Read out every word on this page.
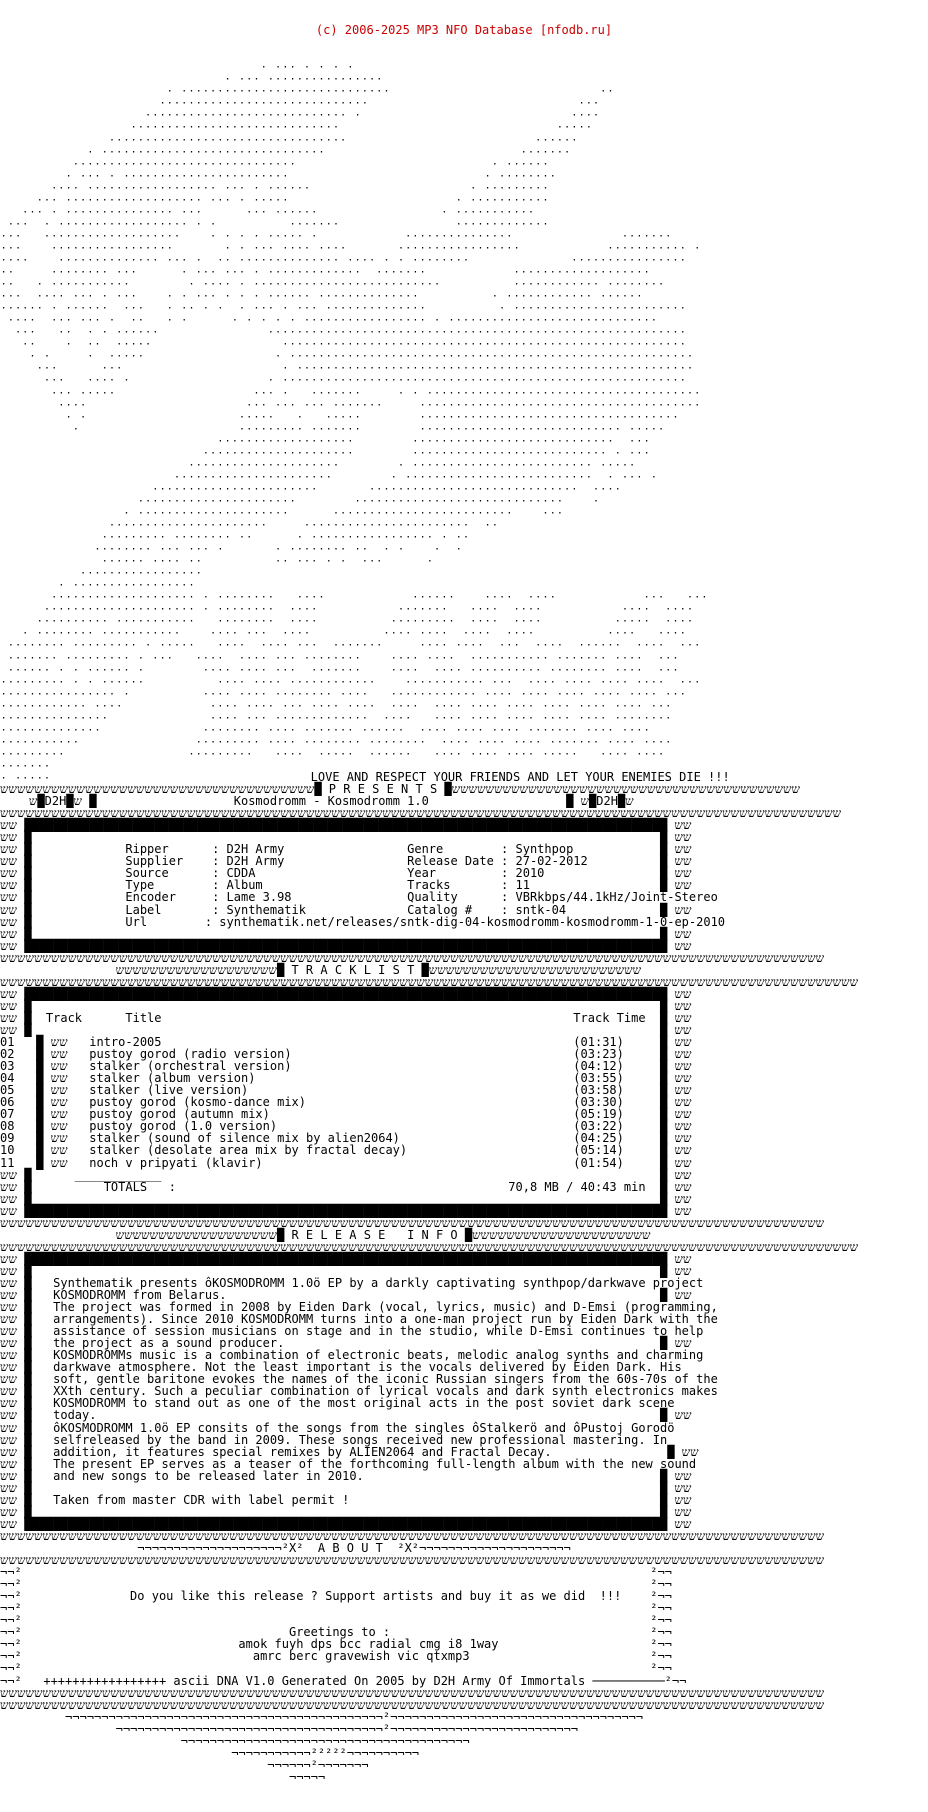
(c) 2006-2025 MP3 NFO Database [nfodb.ru]

۰ ۰۰۰ ۰ ۰ ۰ ۰
۰ ۰۰۰ ۰۰۰۰۰۰۰۰۰۰۰۰۰۰۰۰
۰ ۰۰۰۰۰۰۰۰۰۰۰۰۰۰۰۰۰۰۰۰۰۰۰۰۰۰۰۰۰                             ۰۰
۰۰۰۰۰۰۰۰۰۰۰۰۰۰۰۰۰۰۰۰۰۰۰۰۰۰۰۰۰                             ۰۰۰
۰۰۰۰۰۰۰۰۰۰۰۰۰۰۰۰۰۰۰۰۰۰۰۰۰۰۰۰ ۰                             ۰۰۰۰
۰۰۰۰۰۰۰۰۰۰۰۰۰۰۰۰۰۰۰۰۰۰۰۰۰۰۰۰۰                              ۰۰۰۰۰
۰۰۰۰۰۰۰۰۰۰۰۰۰۰۰۰۰۰۰۰۰۰۰۰۰۰۰۰۰۰۰۰۰                          ۰۰۰۰۰۰
۰ ۰۰۰۰۰۰۰۰۰۰۰۰۰۰۰۰۰۰۰۰۰۰۰۰۰۰۰۰۰۰۰                           ۰۰۰۰۰۰۰
۰۰۰۰۰۰۰۰۰۰۰۰۰۰۰۰۰۰۰۰۰۰۰۰۰۰۰۰۰۰۰                           ۰ ۰۰۰۰۰۰
۰ ۰۰۰ ۰ ۰۰۰۰۰۰۰۰۰۰۰۰۰۰۰۰۰۰۰۰۰۰۰                           ۰ ۰۰۰۰۰۰۰۰
۰۰۰۰ ۰۰۰۰۰۰۰۰۰۰۰۰۰۰۰۰۰۰ ۰۰۰ ۰ ۰۰۰۰۰۰                      ۰ ۰۰۰۰۰۰۰۰۰
۰۰۰ ۰۰۰۰۰۰۰۰۰۰۰۰۰۰۰۰۰۰۰ ۰۰۰ ۰ ۰۰۰۰۰                       ۰ ۰۰۰۰۰۰۰۰۰۰۰
۰۰۰ ۰ ۰۰۰۰۰۰۰۰۰۰۰۰۰۰۰ ۰۰۰      ۰۰۰ ۰۰۰۰۰۰                 ۰ ۰۰۰۰۰۰۰۰۰۰۰
۰۰۰  ۰ ۰۰۰۰۰۰۰۰۰۰۰۰۰۰۰۰۰۰ ۰ ۰          ۰۰۰۰۰۰۰                ۰۰۰۰۰۰۰۰۰۰۰۰۰
۰۰۰   ۰۰۰۰۰۰۰۰۰۰۰۰۰۰۰۰۰۰۰    ۰ ۰ ۰ ۰ ۰۰۰۰۰ ۰            ۰۰۰۰۰۰۰۰۰۰۰۰۰۰۰               ۰۰۰۰۰۰۰
۰۰۰    ۰۰۰۰۰۰۰۰۰۰۰۰۰۰۰۰۰       ۰ ۰ ۰۰۰ ۰۰۰۰ ۰۰۰۰       ۰۰۰۰۰۰۰۰۰۰۰۰۰۰۰۰۰            ۰۰۰۰۰۰۰۰۰۰۰ ۰
۰۰۰۰    ۰۰۰۰۰۰۰۰۰۰۰۰۰۰ ۰۰۰ ۰  ۰۰ ۰۰۰۰۰۰۰۰۰۰۰۰۰۰ ۰۰۰۰ ۰ ۰ ۰۰۰۰۰۰۰۰              ۰۰۰۰۰۰۰۰۰۰۰۰۰۰۰۰
۰۰     ۰۰۰۰۰۰۰۰ ۰۰۰      ۰ ۰۰۰ ۰۰۰ ۰ ۰۰۰۰۰۰۰۰۰۰۰۰۰  ۰۰۰۰۰۰۰            ۰۰۰۰۰۰۰۰۰۰۰۰۰۰۰۰۰۰۰
۰۰   ۰ ۰۰۰۰۰۰۰۰۰۰۰        ۰ ۰۰۰۰ ۰ ۰۰۰۰۰۰۰۰۰۰۰۰۰۰۰۰۰۰۰۰۰۰۰۰۰۰          ۰۰۰۰۰۰۰۰۰۰۰۰ ۰۰۰۰۰۰۰۰
۰۰۰  ۰۰۰۰ ۰۰۰ ۰ ۰۰۰    ۰ ۰ ۰۰۰ ۰ ۰ ۰ ۰۰۰۰۰۰ ۰۰۰۰۰۰۰۰۰۰۰۰۰۰          ۰ ۰۰۰۰۰۰۰۰۰۰۰۰ ۰۰۰۰۰۰
۰۰۰۰۰۰ ۰ ۰۰۰۰۰۰  ۰۰۰   ۰ ۰۰ ۰ ۰  ۰ ۰۰۰ ۰ ۰۰۰ ۰۰۰۰۰۰۰۰۰۰۰۰۰۰          ۰ ۰۰۰۰۰۰۰۰۰۰۰۰۰۰۰۰۰۰۰۰۰۰۰۰
۰۰۰۰  ۰۰۰ ۰۰۰ ۰  ۰۰   ۰ ۰      ۰ ۰ ۰ ۰ ۰ ۰۰۰۰۰۰۰۰۰۰۰۰۰۰۰۰۰ ۰ ۰۰۰۰۰۰۰۰۰۰۰۰۰۰۰۰۰۰۰۰۰۰۰۰۰۰۰۰۰
۰۰۰   ۰۰  ۰ ۰ ۰۰۰۰۰۰               ۰۰۰۰۰۰۰۰۰۰۰۰۰۰۰۰۰۰۰۰۰۰۰۰۰۰۰۰۰۰۰۰۰۰۰۰۰۰۰۰۰۰۰۰۰۰۰۰۰۰۰۰۰۰۰۰۰۰
۰۰    ۰  ۰۰  ۰۰۰۰۰                  ۰۰۰۰۰۰۰۰۰۰۰۰۰۰۰۰۰۰۰۰۰۰۰۰۰۰۰۰۰۰۰۰۰۰۰۰۰۰۰۰۰۰۰۰۰۰۰۰۰۰۰۰۰۰۰۰
۰ ۰     ۰  ۰۰۰۰۰                  ۰ ۰۰۰۰۰۰۰۰۰۰۰۰۰۰۰۰۰۰۰۰۰۰۰۰۰۰۰۰۰۰۰۰۰۰۰۰۰۰۰۰۰۰۰۰۰۰۰۰۰۰۰۰۰۰۰۰
۰۰۰      ۰۰۰                      ۰ ۰۰۰۰۰۰۰۰۰۰۰۰۰۰۰۰۰۰۰۰۰۰۰۰۰۰۰۰۰۰۰۰۰۰۰۰۰۰۰۰۰۰۰۰۰۰۰۰۰۰۰۰۰۰۰
۰۰۰   ۰۰۰۰ ۰                   ۰ ۰۰۰۰۰۰۰۰۰۰۰۰۰۰۰۰۰۰۰۰۰۰۰۰۰۰۰۰۰۰۰۰۰۰۰۰۰۰۰۰۰۰۰۰۰۰۰۰۰۰۰۰۰۰۰۰
۰۰۰ ۰۰۰۰۰                   ۰۰۰ ۰   ۰۰۰۰۰۰۰     ۰ ۰ ۰۰۰۰۰۰۰۰۰۰۰۰۰۰۰۰۰۰۰۰۰۰۰۰۰۰۰۰۰۰۰۰۰۰۰۰۰۰
۰۰۰۰                      ۰۰۰ ۰۰۰ ۰۰۰ ۰۰۰۰۰۰۰     ۰۰۰۰۰۰۰۰۰۰۰۰۰۰۰۰۰۰۰۰۰۰۰۰۰۰۰۰۰۰۰۰۰۰۰۰۰۰۰
۰ ۰                     ۰۰۰۰۰   ۰   ۰۰۰۰۰        ۰۰۰۰۰۰۰۰۰۰۰۰۰۰۰۰۰۰۰۰۰۰۰۰۰۰۰۰۰۰۰۰۰۰۰۰
۰                      ۰۰۰۰۰۰۰۰۰ ۰۰۰۰۰۰۰        ۰۰۰۰۰۰۰۰۰۰۰۰۰۰۰۰۰۰۰۰۰۰۰۰۰۰۰۰ ۰۰۰۰۰
۰۰۰۰۰۰۰۰۰۰۰۰۰۰۰۰۰۰۰        ۰۰۰۰۰۰۰۰۰۰۰۰۰۰۰۰۰۰۰۰۰۰۰۰۰۰۰۰  ۰۰۰
۰۰۰۰۰۰۰۰۰۰۰۰۰۰۰۰۰۰۰۰۰        ۰۰۰۰۰۰۰۰۰۰۰۰۰۰۰۰۰۰۰۰۰۰۰۰۰۰۰ ۰ ۰۰۰
۰۰۰۰۰۰۰۰۰۰۰۰۰۰۰۰۰۰۰۰۰        ۰ ۰۰۰۰۰۰۰۰۰۰۰۰۰۰۰۰۰۰۰۰۰۰۰۰۰ ۰۰۰۰۰
۰۰۰۰۰۰۰۰۰۰۰۰۰۰۰۰۰۰۰۰۰۰        ۰ ۰۰۰۰۰۰۰۰۰۰۰۰۰۰۰۰۰۰۰۰۰۰۰۰۰۰  ۰ ۰۰۰ ۰
۰۰۰۰۰۰۰۰۰۰۰۰۰۰۰۰۰۰۰۰۰۰۰       ۰۰۰۰۰۰۰۰۰۰۰۰۰۰۰۰۰۰۰۰۰۰۰۰۰۰۰۰۰  ۰۰۰۰
۰۰۰۰۰۰۰۰۰۰۰۰۰۰۰۰۰۰۰۰۰۰        ۰۰۰۰۰۰۰۰۰۰۰۰۰۰۰۰۰۰۰۰۰۰۰۰۰۰۰۰۰    ۰
۰ ۰۰۰۰۰۰۰۰۰۰۰۰۰۰۰۰۰۰۰۰۰      ۰۰۰۰۰۰۰۰۰۰۰۰۰۰۰۰۰۰۰۰۰۰۰۰۰    ۰۰۰
۰۰۰۰۰۰۰۰۰۰۰۰۰۰۰۰۰۰۰۰۰۰     ۰۰۰۰۰۰۰۰۰۰۰۰۰۰۰۰۰۰۰۰۰۰۰  ۰۰
۰۰۰۰۰۰۰۰۰ ۰۰۰۰۰۰۰۰ ۰۰      ۰ ۰۰۰۰۰۰۰۰۰۰۰۰۰۰۰۰۰ ۰ ۰۰
۰۰۰۰۰۰۰۰ ۰۰۰ ۰۰۰ ۰       ۰ ۰۰۰۰۰۰۰۰ ۰۰  ۰ ۰    ۰  ۰
۰۰۰۰۰۰ ۰۰۰۰ ۰۰          ۰۰ ۰۰۰ ۰ ۰  ۰۰۰      ۰
۰۰۰۰۰۰۰۰۰۰۰۰۰۰۰۰۰
۰ ۰۰۰۰۰۰۰۰۰۰۰۰۰۰۰۰۰
۰۰۰۰۰۰۰۰۰۰۰۰۰۰۰۰۰۰۰۰ ۰ ۰۰۰۰۰۰۰۰   ۰۰۰۰            ۰۰۰۰۰۰    ۰۰۰۰  ۰۰۰۰            ۰۰۰   ۰۰۰
۰۰۰۰۰۰۰۰۰۰۰۰۰۰۰۰۰۰۰۰۰ ۰ ۰۰۰۰۰۰۰۰  ۰۰۰۰           ۰۰۰۰۰۰۰   ۰۰۰۰  ۰۰۰۰           ۰۰۰۰  ۰۰۰۰
۰۰۰۰۰۰۰۰۰۰ ۰۰۰۰۰۰۰۰۰۰۰   ۰۰۰۰۰۰۰۰  ۰۰۰۰          ۰۰۰۰۰۰۰۰۰  ۰۰۰۰  ۰۰۰۰          ۰۰۰۰۰  ۰۰۰۰
۰ ۰۰۰۰۰۰۰۰ ۰۰۰۰۰۰۰۰۰۰۰    ۰۰۰۰ ۰۰۰  ۰۰۰۰          ۰۰۰۰ ۰۰۰۰  ۰۰۰۰  ۰۰۰۰          ۰۰۰۰   ۰۰۰۰
۰۰۰۰۰۰۰۰ ۰۰۰۰۰۰۰۰۰ ۰ ۰۰۰۰۰   ۰۰۰۰  ۰۰۰۰ ۰۰۰  ۰۰۰۰۰۰۰     ۰۰۰۰ ۰۰۰۰  ۰۰۰  ۰۰۰۰  ۰۰۰۰۰۰  ۰۰۰۰  ۰۰۰
۰۰۰۰۰۰۰ ۰۰۰۰۰۰۰۰۰ ۰ ۰۰۰   ۰۰۰۰  ۰۰۰۰ ۰۰۰ ۰۰۰۰۰۰۰۰    ۰۰۰۰ ۰۰۰۰  ۰۰۰۰۰۰۰۰۰۰۰ ۰۰۰۰۰۰۰ ۰۰۰۰  ۰۰۰
۰۰۰۰۰۰ ۰ ۰ ۰۰۰۰۰۰ ۰        ۰۰۰۰ ۰۰۰۰ ۰۰۰  ۰۰۰۰۰۰۰    ۰۰۰۰  ۰۰۰۰ ۰۰۰۰۰۰۰۰۰۰ ۰۰۰۰۰۰۰۰ ۰۰۰۰  ۰۰۰
۰۰۰۰۰۰۰۰۰ ۰ ۰ ۰۰۰۰۰۰          ۰۰۰۰ ۰۰۰۰ ۰۰۰۰۰۰۰۰۰۰۰۰    ۰۰۰۰۰۰۰۰۰۰۰ ۰۰۰  ۰۰۰۰ ۰۰۰۰ ۰۰۰۰ ۰۰۰۰  ۰۰۰
۰۰۰۰۰۰۰۰۰۰۰۰۰۰۰۰ ۰          ۰۰۰۰ ۰۰۰۰ ۰۰۰۰۰۰۰۰ ۰۰۰۰   ۰۰۰۰۰۰۰۰۰۰۰۰ ۰۰۰۰ ۰۰۰۰ ۰۰۰۰ ۰۰۰۰ ۰۰۰۰ ۰۰۰
۰۰۰۰۰۰۰۰۰۰۰۰ ۰۰۰۰            ۰۰۰۰ ۰۰۰۰ ۰۰۰ ۰۰۰۰ ۰۰۰۰  ۰۰۰۰  ۰۰۰۰ ۰۰۰۰ ۰۰۰۰ ۰۰۰۰ ۰۰۰۰ ۰۰۰۰ ۰۰۰
۰۰۰۰۰۰۰۰۰۰۰۰۰۰۰              ۰۰۰۰ ۰۰۰ ۰۰۰۰۰۰۰۰۰۰۰۰۰  ۰۰۰۰   ۰۰۰۰ ۰۰۰۰ ۰۰۰۰ ۰۰۰۰ ۰۰۰۰ ۰۰۰۰۰۰۰۰
۰۰۰۰۰۰۰۰۰۰۰۰۰۰              ۰۰۰۰۰۰۰۰ ۰۰۰۰ ۰۰۰۰۰۰۰ ۰۰۰۰۰۰  ۰۰۰۰ ۰۰۰۰ ۰۰۰۰ ۰۰۰۰۰۰۰ ۰۰۰۰ ۰۰۰۰
۰۰۰۰۰۰۰۰۰۰۰                ۰۰۰۰۰۰۰۰۰ ۰۰۰۰ ۰۰۰۰۰۰۰۰ ۰۰۰۰۰۰۰۰  ۰۰۰۰ ۰۰۰۰ ۰۰۰۰ ۰۰۰۰۰۰۰ ۰۰۰۰ ۰۰۰۰
۰۰۰۰۰۰۰۰۰                 ۰۰۰۰۰۰۰۰۰   ۰۰۰۰  ۰۰۰۰۰  ۰۰۰۰۰۰   ۰۰۰۰ ۰۰۰۰ ۰۰۰۰ ۰۰۰۰۰   ۰۰۰۰ ۰۰۰۰
۰۰۰۰۰۰۰
۰ ۰۰۰۰۰                                    LOVE AND RESPECT YOUR FRIENDS AND LET YOUR ENEMIES DIE !!!
ששששששששששששששששששששששששששששששששששששש█ P R E S E N T S █ששששששששששששששששששששששששששששששששששששששששש
ש█D2H█ש █                   Kosmodromm - Kosmodromm 1.0                   █ ש█D2H█ש
ששששששששששששששששששששששששששששששששששששששששששששששששששששששששששששששששששששששששששששששששששששששששששששששששששש
שש █████████████████████████████████████████████████████████████████████████████████████████ שש
שש █                                                                                       █ שש
שש █             Ripper      : D2H Army                 Genre        : Synthpop            █ שש
שש █             Supplier    : D2H Army                 Release Date : 27-02-2012          █ שש
שש █             Source      : CDDA                     Year         : 2010                █ שש
שש █             Type        : Album                    Tracks       : 11                  █ שש
שש █             Encoder     : Lame 3.98                Quality      : VBRkbps/44.1kHz/Joint-Stereo
שש █             Label       : Synthematik              Catalog #    : sntk-04             █ שש
שש █             Url        : synthematik.net/releases/sntk-dig-04-kosmodromm-kosmodromm-1-0-ep-2010
שש █                                                                                       █ שש
שש █████████████████████████████████████████████████████████████████████████████████████████ שש
ששששששששששששששששששששששששששששששששששששששששששששששששששששששששששששששששששששששששששששששששששששששששששששששששש
ששששששששששששששששששש█ T R A C K L I S T █ששששששששששששששששששששששששש
ששששששששששששששששששששששששששששששששששששששששששששששששששששששששששששששששששששששששששששששששששששששששששששששששששששש
שש █████████████████████████████████████████████████████████████████████████████████████████ שש
שש █                                                                                       █ שש
שש █  Track      Title                                                         Track Time  █ שש
שש █                                                                                       █ שש
שש █   01   intro-2005                                                         (01:31)     █ שש
שש █   02   pustoy gorod (radio version)                                       (03:23)     █ שש
שש █   03   stalker (orchestral version)                                       (04:12)     █ שש
שש █   04   stalker (album version)                                            (03:55)     █ שש
שש █   05   stalker (live version)                                             (03:58)     █ שש
שש █   06   pustoy gorod (kosmo-dance mix)                                     (03:30)     █ שש
שש █   07   pustoy gorod (autumn mix)                                          (05:19)     █ שש
שש █   08   pustoy gorod (1.0 version)                                         (03:22)     █ שש
שש █   09   stalker (sound of silence mix by alien2064)                        (04:25)     █ שש
שש █   10   stalker (desolate area mix by fractal decay)                       (05:14)     █ שש
שש █   11   noch v pripyati (klavir)                                           (01:54)     █ שש
שש █                                                                     ____________      █ שש
שש █          TOTALS   :                                              70,8 MB / 40:43 min  █ שש
שש █                                                                                       █ שש
שש █████████████████████████████████████████████████████████████████████████████████████████ שש
ששששששששששששששששששששששששששששששששששששששששששששששששששששששששששששששששששששששששששששששששששששששששששששששששש
ששששששששששששששששששש█ R E L E A S E   I N F O █ששששששששששששששששששששש
ששששששששששששששששששששששששששששששששששששששששששששששששששששששששששששששששששששששששששששששששששששששששששששששששששששש
שש █████████████████████████████████████████████████████████████████████████████████████████ שש
שש █                                                                                       █ שש
שש █   Synthematik presents ôKOSMODROMM 1.0ö EP by a darkly captivating synthpop/darkwave project
שש █   KOSMODROMM from Belarus.                                                            █ שש
שש █   The project was formed in 2008 by Eiden Dark (vocal, lyrics, music) and D-Emsi (programming,
שש █   arrangements). Since 2010 KOSMODROMM turns into a one-man project run by Eiden Dark with the
שש █   assistance of session musicians on stage and in the studio, while D-Emsi continues to help
שש █   the project as a sound producer.                                                    █ שש
שש █   KOSMODROMMs music is a combination of electronic beats, melodic analog synths and charming
שש █   darkwave atmosphere. Not the least important is the vocals delivered by Eiden Dark. His
שש █   soft, gentle baritone evokes the names of the iconic Russian singers from the 60s-70s of the
שש █   XXth century. Such a peculiar combination of lyrical vocals and dark synth electronics makes
שש █   KOSMODROMM to stand out as one of the most original acts in the post soviet dark scene
שש █   today.                                                                              █ שש
שש █   ôKOSMODROMM 1.0ö EP consits of the songs from the singles ôStalkerö and ôPustoj Gorodö
שש █   selfreleased by the band in 2009. These songs received new professional mastering. In
שש █   addition, it features special remixes by ALIEN2064 and Fractal Decay.                █ שש
שש █   The present EP serves as a teaser of the forthcoming full-length album with the new sound
שש █   and new songs to be released later in 2010.                                         █ שש
שש █                                                                                       █ שש
שש █   Taken from master CDR with label permit !                                           █ שש
שש █                                                                                       █ שש
שש █████████████████████████████████████████████████████████████████████████████████████████ שש
ששששששששששששששששששששששששששששששששששששששששששששששששששששששששששששששששששששששששששששששששששששששששששששששששש
¬¬¬¬¬¬¬¬¬¬¬¬¬¬¬¬¬¬¬¬²X²  A B O U T  ²X²¬¬¬¬¬¬¬¬¬¬¬¬¬¬¬¬¬¬¬¬¬
ששששששששששששששששששששששששששששששששששששששששששששששששששששששששששששששששששששששששששששששששששששששששששששששששש
¬¬²                                                                                       ²¬¬
¬¬²                                                                                       ²¬¬
¬¬²               Do you like this release ? Support artists and buy it as we did  !!!    ²¬¬
¬¬²                                                                                       ²¬¬
¬¬²                                                                                       ²¬¬
¬¬²                                     Greetings to :                                    ²¬¬
¬¬²                              amok fuyh dps bcc radial cmg i8 1way                     ²¬¬
¬¬²                                amrc berc gravewish vic qtxmp3                         ²¬¬
¬¬²                                                                                       ²¬¬
¬¬²   +++++++++++++++++ ascii DNA V1.0 Generated On 2005 by D2H Army Of Immortals ──────────²¬¬
ששששששששששששששששששששששששששששששששששששששששששששששששששששששששששששששששששששששששששששששששששששששששששששששששש
ששששששששששששששששששששששששששששששששששששששששששששששששששששששששששששששששששששששששששששששששששששששששששששששששש
¬¬¬¬¬¬¬¬¬¬¬¬¬¬¬¬¬¬¬¬¬¬¬¬¬¬¬¬¬¬¬¬¬¬¬¬¬¬¬¬¬¬¬¬²¬¬¬¬¬¬¬¬¬¬¬¬¬¬¬¬¬¬¬¬¬¬¬¬¬¬¬¬¬¬¬¬¬¬¬
¬¬¬¬¬¬¬¬¬¬¬¬¬¬¬¬¬¬¬¬¬¬¬¬¬¬¬¬¬¬¬¬¬¬¬¬¬²¬¬¬¬¬¬¬¬¬¬¬¬¬¬¬¬¬¬¬¬¬¬¬¬¬¬
¬¬¬¬¬¬¬¬¬¬¬¬¬¬¬¬¬¬¬¬¬¬¬¬¬¬¬¬¬¬¬¬¬¬¬¬¬¬¬¬
¬¬¬¬¬¬¬¬¬¬¬²²²²²¬¬¬¬¬¬¬¬¬¬
¬¬¬¬¬¬²¬¬¬¬¬¬¬
¬¬¬¬¬
